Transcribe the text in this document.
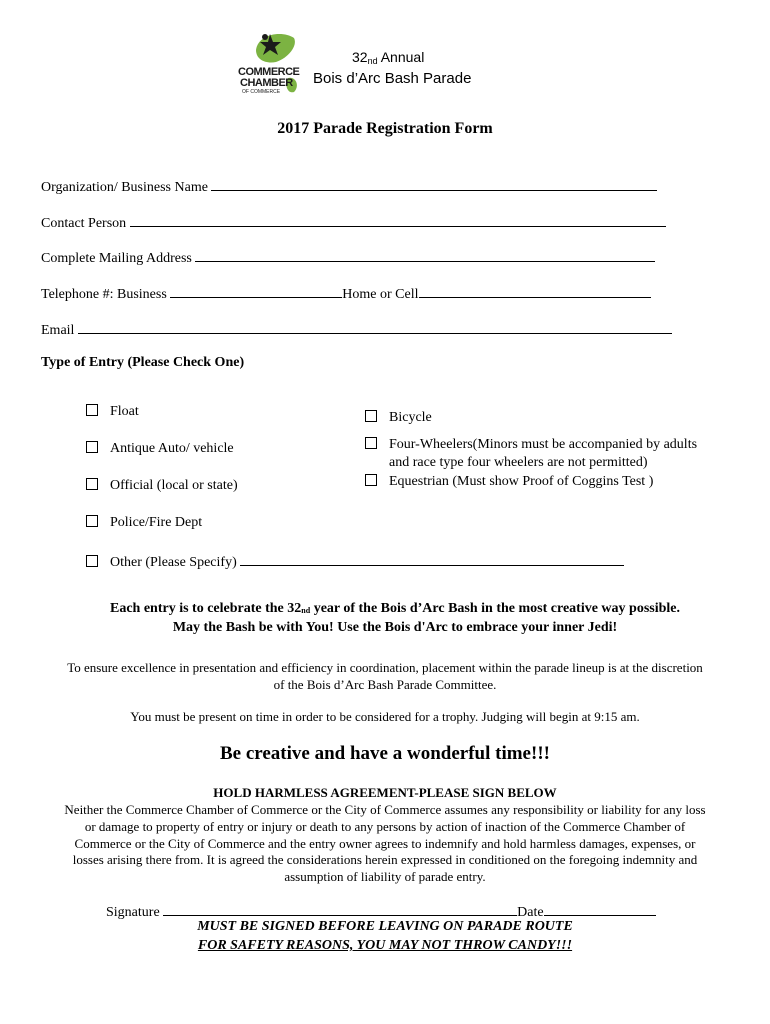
COMMERCE
CHAMBER
OF COMMERCE
32nd Annual
Bois d’Arc Bash Parade
2017 Parade Registration Form
Organization/ Business Name
Contact Person
Complete Mailing Address
Telephone #: Business	Home or Cell
Email
Type of Entry (Please Check One)
Float
Antique Auto/ vehicle
Official (local or state)
Police/Fire Dept
Other (Please Specify)
Bicycle
Four-Wheelers(Minors must be accompanied by adults
and race type four wheelers are not permitted)
Equestrian (Must show Proof of Coggins Test )
Each entry is to celebrate the 32nd year of the Bois d’Arc Bash in the most creative way possible.
May the Bash be with You! Use the Bois d'Arc to embrace your inner Jedi!
To ensure excellence in presentation and efficiency in coordination, placement within the parade lineup is at the discretion
of the Bois d’Arc Bash Parade Committee.
You must be present on time in order to be considered for a trophy. Judging will begin at 9:15 am.
Be creative and have a wonderful time!!!
HOLD HARMLESS AGREEMENT-PLEASE SIGN BELOW
Neither the Commerce Chamber of Commerce or the City of Commerce assumes any responsibility or liability for any loss
or damage to property of entry or injury or death to any persons by action of inaction of the Commerce Chamber of
Commerce or the City of Commerce and the entry owner agrees to indemnify and hold harmless damages, expenses, or
losses arising there from. It is agreed the considerations herein expressed in conditioned on the foregoing indemnity and
assumption of liability of parade entry.
Signature	Date
MUST BE SIGNED BEFORE LEAVING ON PARADE ROUTE
FOR SAFETY REASONS, YOU MAY NOT THROW CANDY!!!
